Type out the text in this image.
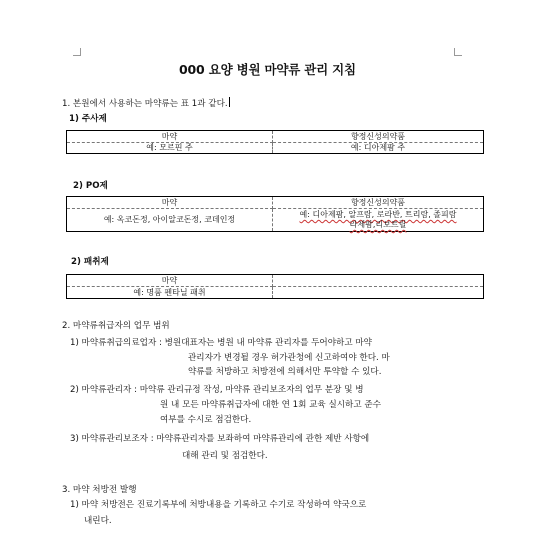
000 요양 병원 마약류 관리 지침
1. 본원에서 사용하는 마약류는 표 1과 같다.
1) 주사제
마약	향정신성의약품
예: 모르핀 주	예: 디아제팜 주
2) PO제
마약	향정신성의약품
예: 옥코돈정, 아이알코돈정, 코데인정	예: 디아제팜, 알프람, 로라반, 트리람, 졸피람
라제팜,리보트릴
2) 패취제
마약	
예: 명품 펜타닐 패취	
2. 마약류취급자의 업무 범위
1) 마약류취급의료업자 : 병원대표자는 병원 내 마약류 관리자를 두어야하고 마약
관리자가 변경될 경우 허가관청에 신고하여야 한다. 마
약류를 처방하고 처방전에 의해서만 투약할 수 있다.
2) 마약류관리자 : 마약류 관리규정 작성, 마약류 관리보조자의 업무 분장 및 병
원 내 모든 마약류취급자에 대한 연 1회 교육 실시하고 준수
여부를 수시로 점검한다.
3) 마약류관리보조자 : 마약류관리자를 보좌하여 마약류관리에 관한 제반 사항에
대해 관리 및 점검한다.
3. 마약 처방전 발행
1) 마약 처방전은 진료기록부에 처방내용을 기록하고 수기로 작성하여 약국으로
내린다.
